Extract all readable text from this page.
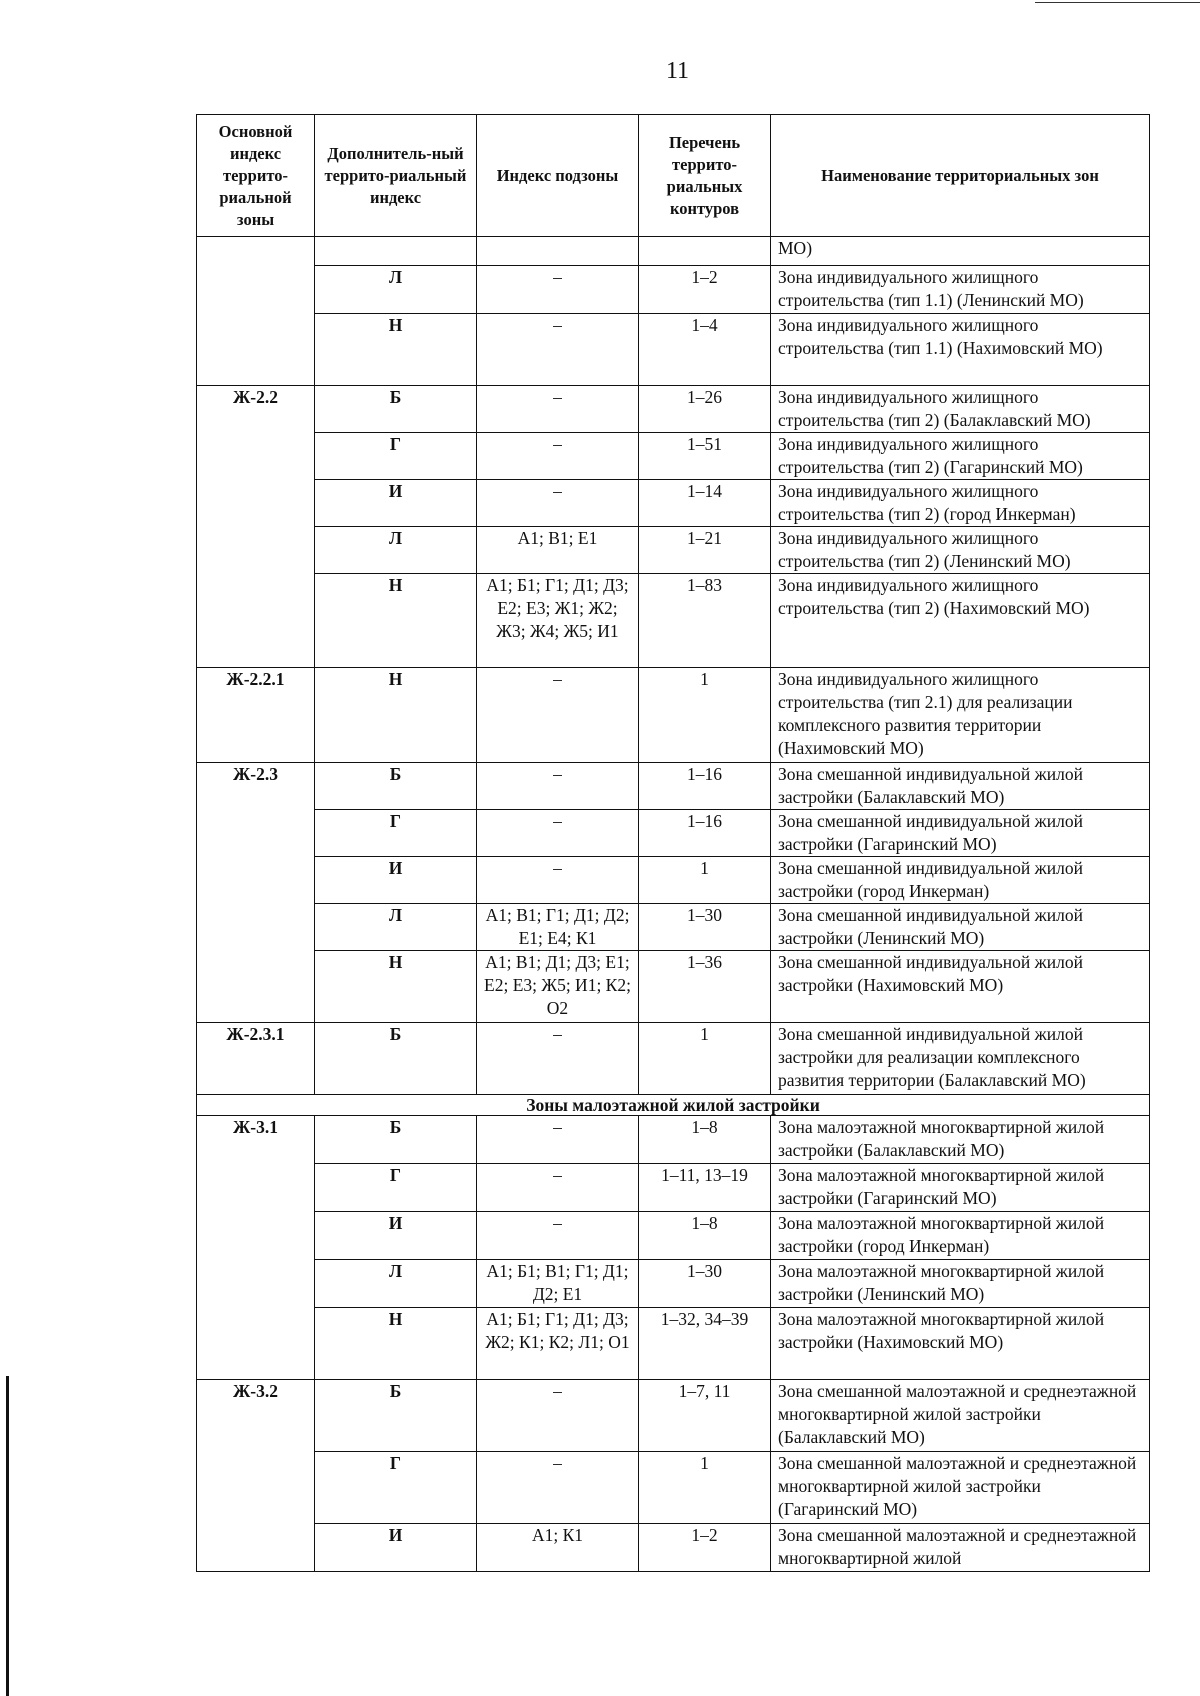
11
Основной индекс террито-риальной зоны	Дополнитель-ный террито-риальный индекс	Индекс подзоны	Перечень террито-риальных контуров	Наименование территориальных зон
				МО)
	Л	–	1–2	Зона индивидуального жилищного строительства (тип 1.1) (Ленинский МО)
	Н	–	1–4	Зона индивидуального жилищного строительства (тип 1.1) (Нахимовский МО)

Ж-2.2	Б	–	1–26	Зона индивидуального жилищного строительства (тип 2) (Балаклавский МО)
	Г	–	1–51	Зона индивидуального жилищного строительства (тип 2) (Гагаринский МО)
	И	–	1–14	Зона индивидуального жилищного строительства (тип 2) (город Инкерман)
	Л	А1; В1; Е1	1–21	Зона индивидуального жилищного строительства (тип 2) (Ленинский МО)
	Н	А1; Б1; Г1; Д1; Д3; Е2; Е3; Ж1; Ж2; Ж3; Ж4; Ж5; И1	1–83	Зона индивидуального жилищного строительства (тип 2) (Нахимовский МО)
Ж-2.2.1	Н	–	1	Зона индивидуального жилищного строительства (тип 2.1) для реализации комплексного развития территории (Нахимовский МО)
Ж-2.3	Б	–	1–16	Зона смешанной индивидуальной жилой застройки (Балаклавский МО)
	Г	–	1–16	Зона смешанной индивидуальной жилой застройки (Гагаринский МО)
	И	–	1	Зона смешанной индивидуальной жилой застройки (город Инкерман)
	Л	А1; В1; Г1; Д1; Д2; Е1; Е4; К1	1–30	Зона смешанной индивидуальной жилой застройки (Ленинский МО)
	Н	А1; В1; Д1; Д3; Е1; Е2; Е3; Ж5; И1; К2; О2	1–36	Зона смешанной индивидуальной жилой застройки (Нахимовский МО)
Ж-2.3.1	Б	–	1	Зона смешанной индивидуальной жилой застройки для реализации комплексного развития территории (Балаклавский МО)
Зоны малоэтажной жилой застройки				
Ж-3.1	Б	–	1–8	Зона малоэтажной многоквартирной жилой застройки (Балаклавский МО)
	Г	–	1–11, 13–19	Зона малоэтажной многоквартирной жилой застройки (Гагаринский МО)
	И	–	1–8	Зона малоэтажной многоквартирной жилой застройки (город Инкерман)
	Л	А1; Б1; В1; Г1; Д1; Д2; Е1	1–30	Зона малоэтажной многоквартирной жилой застройки (Ленинский МО)
	Н	А1; Б1; Г1; Д1; Д3; Ж2; К1; К2; Л1; О1	1–32, 34–39	Зона малоэтажной многоквартирной жилой застройки (Нахимовский МО)
Ж-3.2	Б	–	1–7, 11	Зона смешанной малоэтажной и среднеэтажной многоквартирной жилой застройки (Балаклавский МО)
	Г	–	1	Зона смешанной малоэтажной и среднеэтажной многоквартирной жилой застройки (Гагаринский МО)
	И	А1; К1	1–2	Зона смешанной малоэтажной и среднеэтажной многоквартирной жилой
